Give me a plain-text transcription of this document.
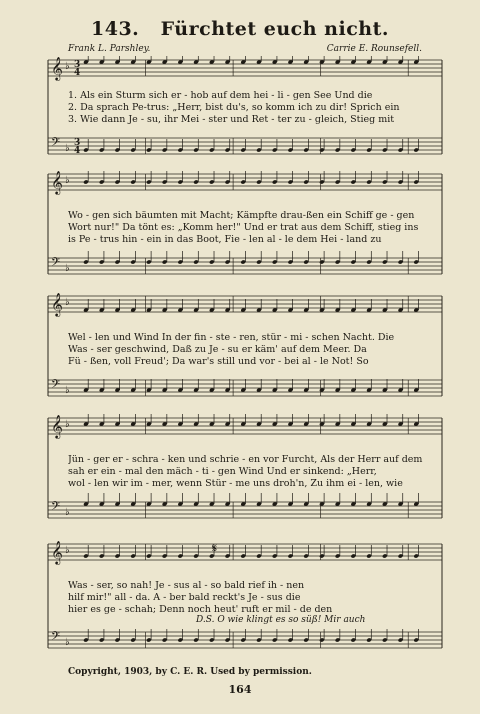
143. Fürchtet euch nicht.
Frank L. Parshley.	Carrie E. Rounsefell.
𝄞 ♭
𝄢 ♭
3
3
4
4
1. Als ein Sturm sich er - hob auf dem hei - li - gen See Und die
2. Da sprach Pe-trus: „Herr, bist du's, so komm ich zu dir! Sprich ein
3. Wie dann Je - su, ihr Mei - ster und Ret - ter zu - gleich, Stieg mit
𝄞 ♭
𝄢 ♭
Wo - gen sich bäumten mit Macht; Kämpfte drau-ßen ein Schiff ge - gen
Wort nur!" Da tönt es: „Komm her!" Und er trat aus dem Schiff, stieg ins
is Pe - trus hin - ein in das Boot, Fie - len al - le dem Hei - land zu
𝄞 ♭
𝄢 ♭
Wel - len und Wind In der fin - ste - ren, stür - mi - schen Nacht. Die
Was - ser geschwind, Daß zu Je - su er käm' auf dem Meer. Da
Fü - ßen, voll Freud'; Da war's still und vor - bei al - le Not! So
𝄞 ♭
𝄢 ♭
Jün - ger er - schra - ken und schrie - en vor Furcht, Als der Herr auf dem
sah er ein - mal den mäch - ti - gen Wind Und er sinkend: „Herr,
wol - len wir im - mer, wenn Stür - me uns droh'n, Zu ihm ei - len, wie
𝄞 ♭
𝄢 ♭
𝄋
Was - ser, so nah! Je - sus al - so bald rief ih - nen
hilf mir!" all - da. A - ber bald reckt's Je - sus die
hier es ge - schah; Denn noch heut' ruft er mil - de den
D.S. O wie klingt es so süß! Mir auch
Copyright, 1903, by C. E. R. Used by permission.
164
